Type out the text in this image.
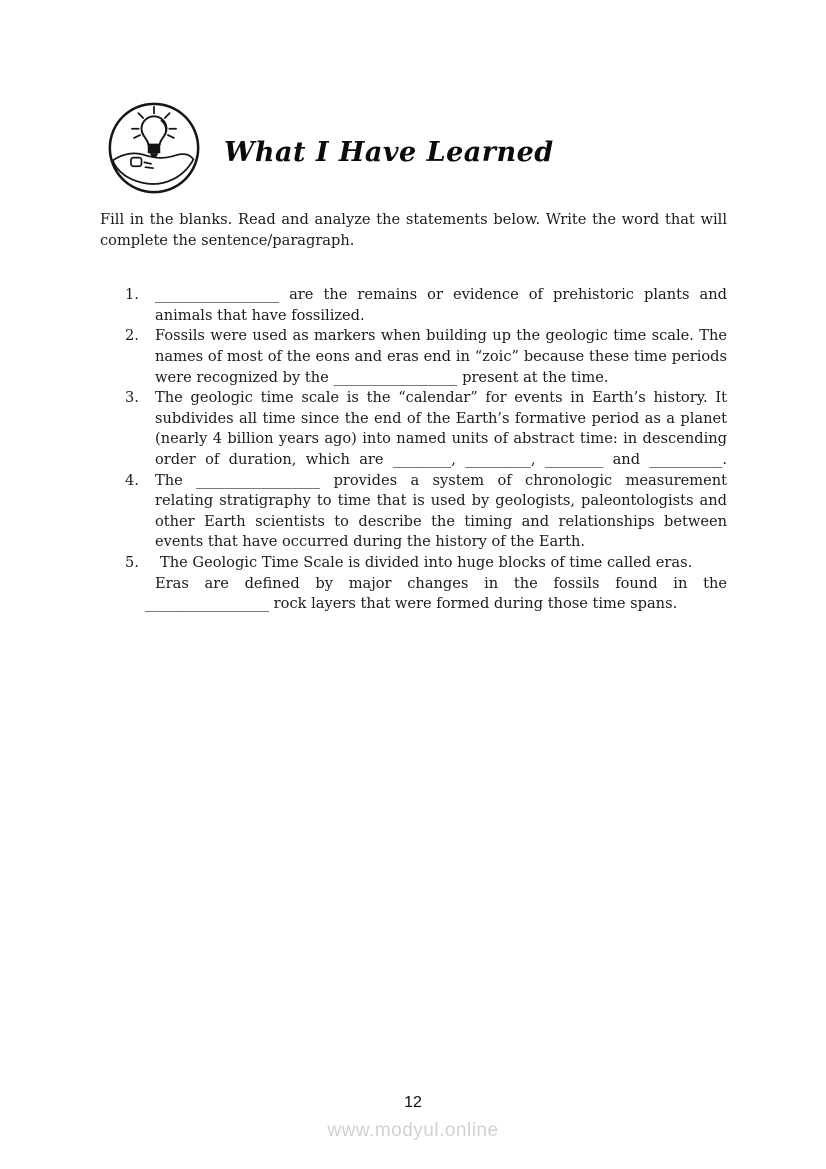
What I Have Learned
Fill in the blanks. Read and analyze the statements below. Write the word that will
complete the sentence/paragraph.
1.	_________________ are the remains or evidence of prehistoric plants and
animals that have fossilized.
2.	Fossils were used as markers when building up the geologic time scale. The
names of most of the eons and eras end in “zoic” because these time periods
were recognized by the _________________ present at the time.
3.	The geologic time scale is the “calendar” for events in Earth’s history. It
subdivides all time since the end of the Earth’s formative period as a planet
(nearly 4 billion years ago) into named units of abstract time: in descending
order of duration, which are ________, _________, ________ and __________.
4.	The _________________ provides a system of chronologic measurement
relating stratigraphy to time that is used by geologists, paleontologists and
other Earth scientists to describe the timing and relationships between
events that have occurred during the history of the Earth.
5.	The Geologic Time Scale is divided into huge blocks of time called eras.
Eras are defined by major changes in the fossils found in the
_________________ rock layers that were formed during those time spans.
12
www.modyul.online
